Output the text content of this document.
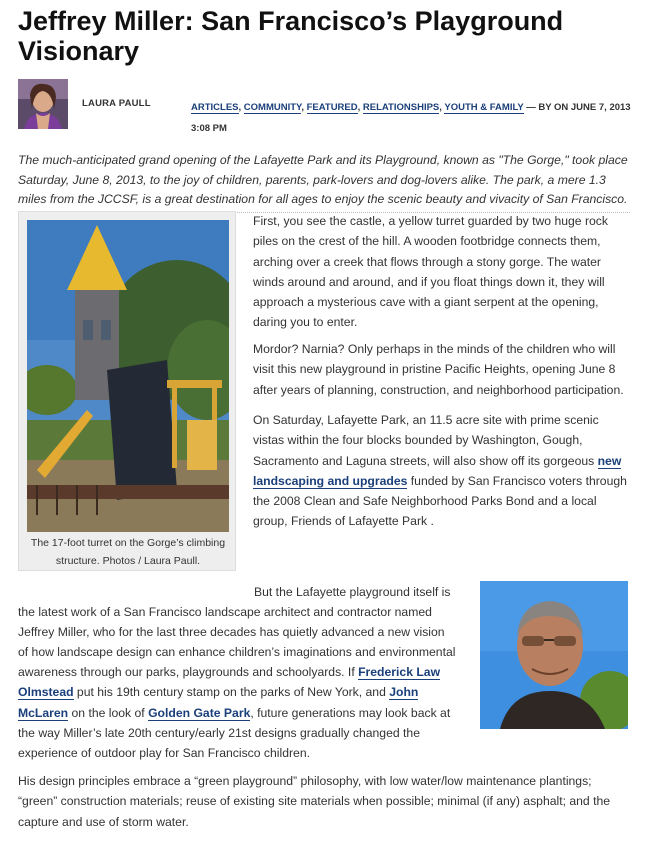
Jeffrey Miller: San Francisco’s Playground Visionary
LAURA PAULL	ARTICLES, COMMUNITY, FEATURED, RELATIONSHIPS, YOUTH & FAMILY — BY ON JUNE 7, 2013 3:08 PM

The much-anticipated grand opening of the Lafayette Park and its Playground, known as "The Gorge," took place Saturday, June 8, 2013, to the joy of children, parents, park-lovers and dog-lovers alike. The park, a mere 1.3 miles from the JCCSF, is a great destination for all ages to enjoy the scenic beauty and vivacity of San Francisco.

The 17-foot turret on the Gorge’s climbing structure. Photos / Laura Paull.

First, you see the castle, a yellow turret guarded by two huge rock piles on the crest of the hill. A wooden footbridge connects them, arching over a creek that flows through a stony gorge. The water winds around and around, and if you float things down it, they will approach a mysterious cave with a giant serpent at the opening, daring you to enter.

Mordor? Narnia? Only perhaps in the minds of the children who will visit this new playground in pristine Pacific Heights, opening June 8 after years of planning, construction, and neighborhood participation.

On Saturday, Lafayette Park, an 11.5 acre site with prime scenic vistas within the four blocks bounded by Washington, Gough, Sacramento and Laguna streets, will also show off its gorgeous new landscaping and upgrades funded by San Francisco voters through the 2008 Clean and Safe Neighborhood Parks Bond and a local group, Friends of Lafayette Park .

But the Lafayette playground itself is
the latest work of a San Francisco landscape architect and contractor named Jeffrey Miller, who for the last three decades has quietly advanced a new vision of how landscape design can enhance children’s imaginations and environmental awareness through our parks, playgrounds and schoolyards. If Frederick Law Olmstead put his 19th century stamp on the parks of New York, and John McLaren on the look of Golden Gate Park, future generations may look back at the way Miller’s late 20th century/early 21st designs gradually changed the experience of outdoor play for San Francisco children.

His design principles embrace a “green playground” philosophy, with low water/low maintenance plantings; “green” construction materials; reuse of existing site materials when possible; minimal (if any) asphalt; and the capture and use of storm water.
